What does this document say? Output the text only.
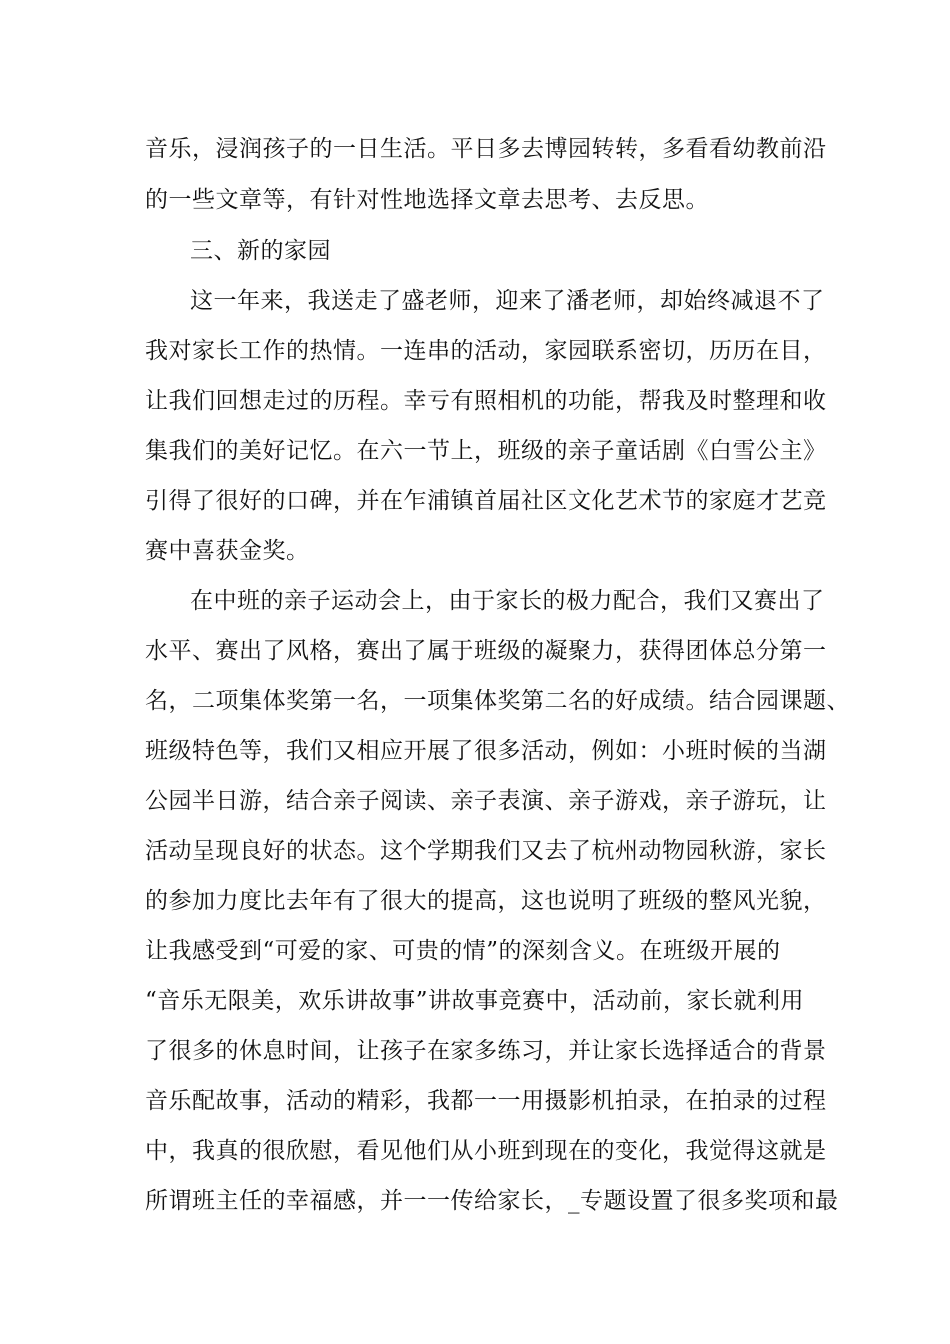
音乐，浸润孩子的一日生活。平日多去博园转转，多看看幼教前沿
的一些文章等，有针对性地选择文章去思考、去反思。
三、新的家园
这一年来，我送走了盛老师，迎来了潘老师，却始终减退不了
我对家长工作的热情。一连串的活动，家园联系密切，历历在目，
让我们回想走过的历程。幸亏有照相机的功能，帮我及时整理和收
集我们的美好记忆。在六一节上，班级的亲子童话剧《白雪公主》
引得了很好的口碑，并在乍浦镇首届社区文化艺术节的家庭才艺竞
赛中喜获金奖。
在中班的亲子运动会上，由于家长的极力配合，我们又赛出了
水平、赛出了风格，赛出了属于班级的凝聚力，获得团体总分第一
名，二项集体奖第一名，一项集体奖第二名的好成绩。结合园课题、
班级特色等，我们又相应开展了很多活动，例如：小班时候的当湖
公园半日游，结合亲子阅读、亲子表演、亲子游戏，亲子游玩，让
活动呈现良好的状态。这个学期我们又去了杭州动物园秋游，家长
的参加力度比去年有了很大的提高，这也说明了班级的整风光貌，
让我感受到“可爱的家、可贵的情”的深刻含义。在班级开展的
“音乐无限美，欢乐讲故事”讲故事竞赛中，活动前，家长就利用
了很多的休息时间，让孩子在家多练习，并让家长选择适合的背景
音乐配故事，活动的精彩，我都一一用摄影机拍录，在拍录的过程
中，我真的很欣慰，看见他们从小班到现在的变化，我觉得这就是
所谓班主任的幸福感，并一一传给家长，_专题设置了很多奖项和最
